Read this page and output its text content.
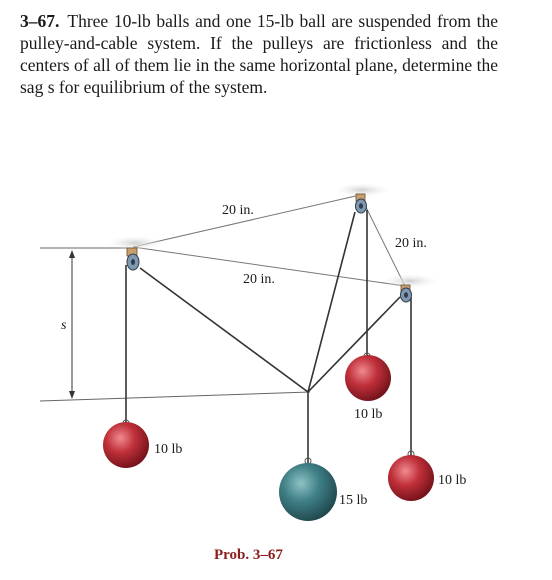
3–67. Three 10-lb balls and one 15-lb ball are suspended from the pulley-and-cable system. If the pulleys are frictionless and the centers of all of them lie in the same horizontal plane, determine the sag s for equilibrium of the system.
s
20 in.
20 in.
20 in.
10 lb
10 lb
10 lb
15 lb
Prob. 3–67
